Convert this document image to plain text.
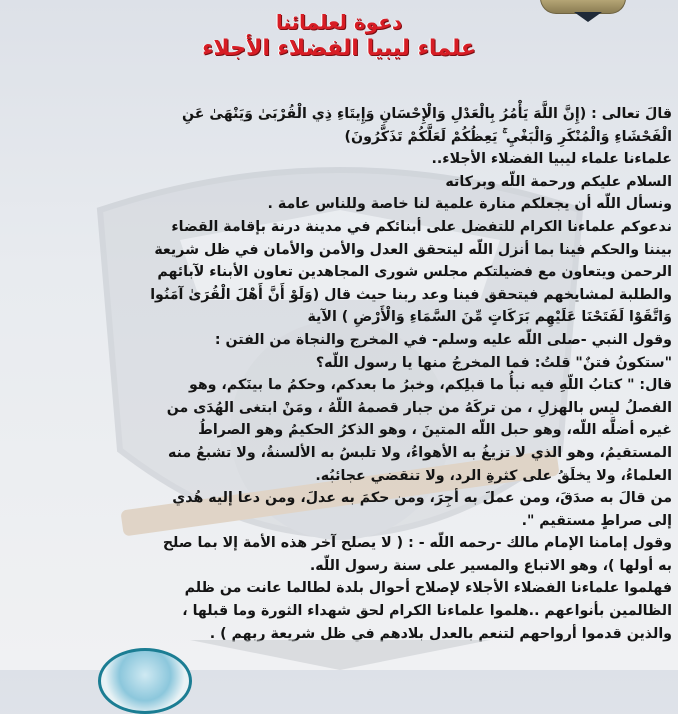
دعوة لعلمائنا

علماء ليبيا الفضلاء الأجلاء

قالَ تعالى : (إِنَّ اللَّهَ يَأْمُرُ بِالْعَدْلِ وَالْإِحْسَانِ وَإِيتَاءِ ذِي الْقُرْبَىٰ وَيَنْهَىٰ عَنِ الْفَحْشَاءِ وَالْمُنْكَرِ وَالْبَغْيِ ۚ يَعِظُكُمْ لَعَلَّكُمْ تَذَكَّرُونَ)

علماءنا علماء ليبيا الفضلاء الأجلاء..

السلام عليكم ورحمة اللّه وبركاته

ونسأل اللّه أن يجعلكم منارة علمية لنا خاصة وللناس عامة .

ندعوكم علماءنا الكرام للتفضل على أبنائكم في مدينة درنة بإقامة القضاء بيننا والحكم فينا بما أنزل اللّه ليتحقق العدل والأمن والأمان في ظل شريعة الرحمن ويتعاون مع فضيلتكم مجلس شورى المجاهدين تعاون الأبناء لآبائهم والطلبة لمشايخهم فيتحقق فينا وعد ربنا حيث قال (وَلَوْ أَنَّ أَهْلَ الْقُرَىٰ آمَنُوا وَاتَّقَوْا لَفَتَحْنَا عَلَيْهِم بَرَكَاتٍ مِّنَ السَّمَاءِ وَالْأَرْضِ ) الآية

وقول النبي -صلى اللّه عليه وسلم- في المخرج والنجاة من الفتن :

"ستكونُ فتنٌ" قلتُ: فما المخرجُ منها يا رسول اللّه؟

قال: " كتابُ اللّهِ فيه نبأُ ما قبلِكم، وخبرُ ما بعدكم، وحكمُ ما بينَكم، وهو الفصلُ ليس بالهزلِ ، من تركَهُ من جبار قصمهُ اللّهُ ، ومَنْ ابتغى الهُدَى من غيره أضلَّه اللّه، وهو حبل اللّه المتينَ ، وهو الذكرُ الحكيمُ وهو الصراطُ المستقيمُ، وهو الذي لا تزيغُ به الأهواءُ، ولا تلبسُ به الألسنةُ، ولا تشبعُ منه العلماءُ، ولا يخلَقُ على كثرةِ الرد، ولا تنقضي عجائبُه.

من قالَ به صدَقَ، ومن عملَ به أجِرَ، ومن حكمَ به عدلَ، ومن دعا إليه هُدي إلى صراطٍ مستقيم ".

وقول إمامنا الإمام مالك -رحمه اللّه - : ( لا يصلح آخر هذه الأمة إلا بما صلح به أولها )، وهو الاتباع والمسير على سنة رسول اللّه.

فهلموا علماءنا الفضلاء الأجلاء لإصلاح أحوال بلدة لطالما عانت من ظلم الظالمين بأنواعهم ..هلموا علماءنا الكرام لحق شهداء الثورة وما قبلها ، والذين قدموا أرواحهم لتنعم بالعدل بلادهم في ظل شريعة ربهم ) .
